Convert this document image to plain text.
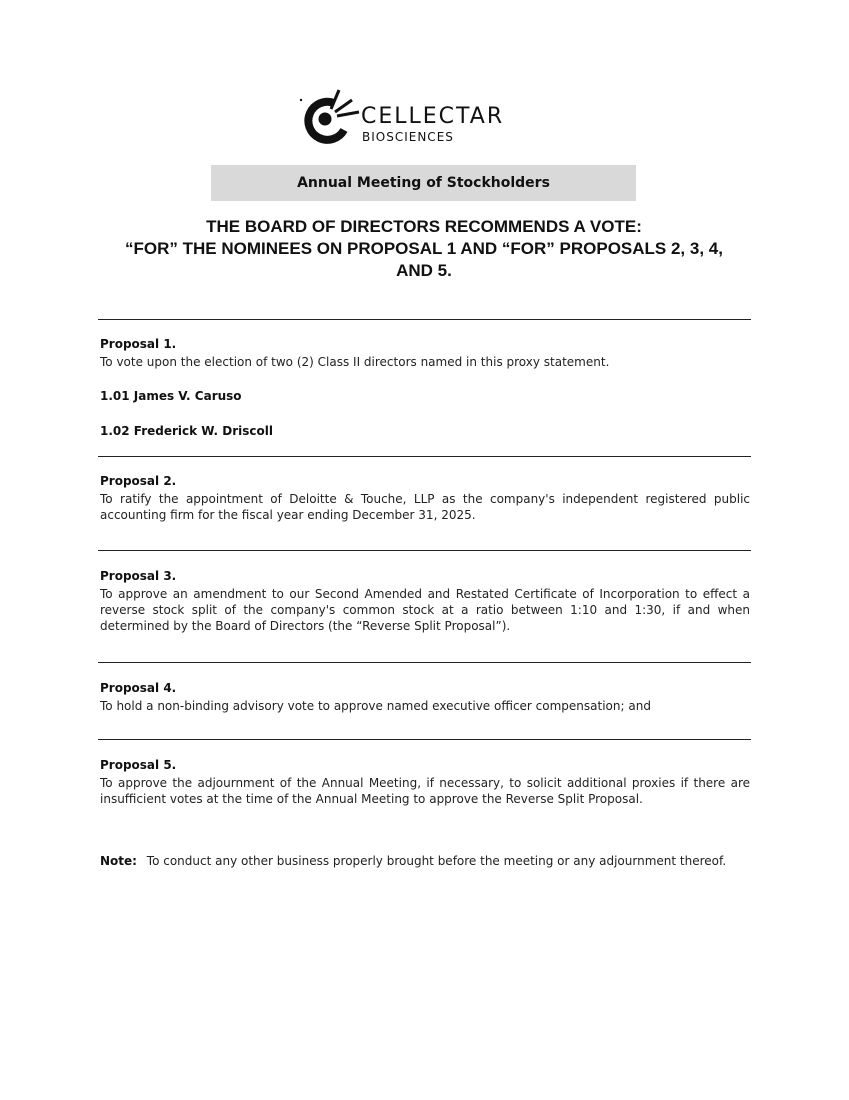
CELLECTAR
BIOSCIENCES
Annual Meeting of Stockholders
THE BOARD OF DIRECTORS RECOMMENDS A VOTE:
“FOR” THE NOMINEES ON PROPOSAL 1 AND “FOR” PROPOSALS 2, 3, 4,
AND 5.
Proposal 1.
To vote upon the election of two (2) Class II directors named in this proxy statement.
1.01 James V. Caruso
1.02 Frederick W. Driscoll
Proposal 2.
To ratify the appointment of Deloitte & Touche, LLP as the company's independent registered public accounting firm for the fiscal year ending December 31, 2025.
Proposal 3.
To approve an amendment to our Second Amended and Restated Certificate of Incorporation to effect a reverse stock split of the company's common stock at a ratio between 1:10 and 1:30, if and when determined by the Board of Directors (the “Reverse Split Proposal”).
Proposal 4.
To hold a non-binding advisory vote to approve named executive officer compensation; and
Proposal 5.
To approve the adjournment of the Annual Meeting, if necessary, to solicit additional proxies if there are insufficient votes at the time of the Annual Meeting to approve the Reverse Split Proposal.
Note: To conduct any other business properly brought before the meeting or any adjournment thereof.
